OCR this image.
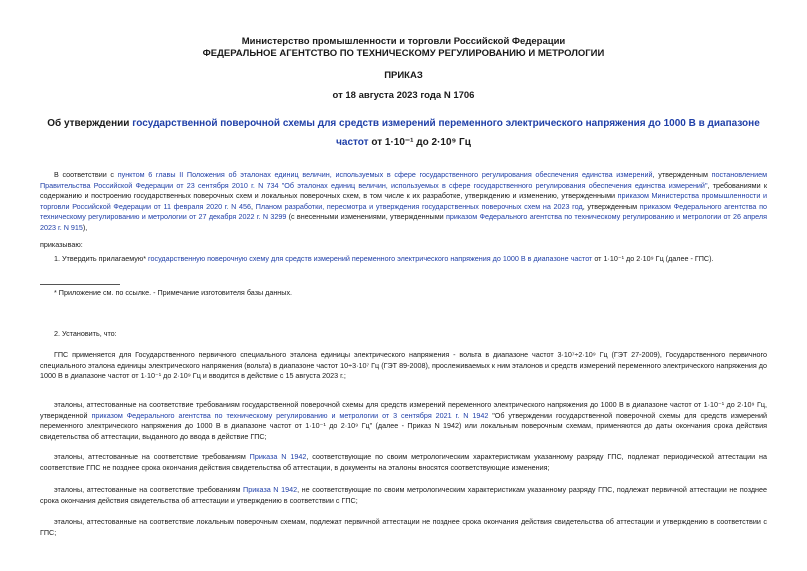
Министерство промышленности и торговли Российской Федерации
ФЕДЕРАЛЬНОЕ АГЕНТСТВО ПО ТЕХНИЧЕСКОМУ РЕГУЛИРОВАНИЮ И МЕТРОЛОГИИ
ПРИКАЗ
от 18 августа 2023 года N 1706
Об утверждении государственной поверочной схемы для средств измерений переменного электрического напряжения до 1000 В в диапазоне частот от 1·10⁻¹ до 2·10⁹ Гц
В соответствии с пунктом 6 главы II Положения об эталонах единиц величин, используемых в сфере государственного регулирования обеспечения единства измерений, утвержденным постановлением Правительства Российской Федерации от 23 сентября 2010 г. N 734 "Об эталонах единиц величин, используемых в сфере государственного регулирования обеспечения единства измерений", требованиями к содержанию и построению государственных поверочных схем и локальных поверочных схем, в том числе к их разработке, утверждению и изменению, утвержденными приказом Министерства промышленности и торговли Российской Федерации от 11 февраля 2020 г. N 456, Планом разработки, пересмотра и утверждения государственных поверочных схем на 2023 год, утвержденным приказом Федерального агентства по техническому регулированию и метрологии от 27 декабря 2022 г. N 3299 (с внесенными изменениями, утвержденными приказом Федерального агентства по техническому регулированию и метрологии от 26 апреля 2023 г. N 915),
приказываю:
1. Утвердить прилагаемую* государственную поверочную схему для средств измерений переменного электрического напряжения до 1000 В в диапазоне частот от 1·10⁻¹ до 2·10⁹ Гц (далее - ГПС).
* Приложение см. по ссылке. - Примечание изготовителя базы данных.
2. Установить, что:
ГПС применяется для Государственного первичного специального эталона единицы электрического напряжения - вольта в диапазоне частот 3·10⁷÷2·10⁹ Гц (ГЭТ 27-2009), Государственного первичного специального эталона единицы электрического напряжения (вольта) в диапазоне частот 10÷3·10⁷ Гц (ГЭТ 89-2008), прослеживаемых к ним эталонов и средств измерений переменного электрического напряжения до 1000 В в диапазоне частот от 1·10⁻¹ до 2·10⁹ Гц и вводится в действие с 15 августа 2023 г.;
эталоны, аттестованные на соответствие требованиям государственной поверочной схемы для средств измерений переменного электрического напряжения до 1000 В в диапазоне частот от 1·10⁻¹ до 2·10⁹ Гц, утвержденной приказом Федерального агентства по техническому регулированию и метрологии от 3 сентября 2021 г. N 1942 "Об утверждении государственной поверочной схемы для средств измерений переменного электрического напряжения до 1000 В в диапазоне частот от 1·10⁻¹ до 2·10⁹ Гц" (далее - Приказ N 1942) или локальным поверочным схемам, применяются до даты окончания срока действия свидетельства об аттестации, выданного до ввода в действие ГПС;
эталоны, аттестованные на соответствие требованиям Приказа N 1942, соответствующие по своим метрологическим характеристикам указанному разряду ГПС, подлежат периодической аттестации на соответствие ГПС не позднее срока окончания действия свидетельства об аттестации, в документы на эталоны вносятся соответствующие изменения;
эталоны, аттестованные на соответствие требованиям Приказа N 1942, не соответствующие по своим метрологическим характеристикам указанному разряду ГПС, подлежат первичной аттестации не позднее срока окончания действия свидетельства об аттестации и утверждению в соответствии с ГПС;
эталоны, аттестованные на соответствие локальным поверочным схемам, подлежат первичной аттестации не позднее срока окончания действия свидетельства об аттестации и утверждению в соответствии с ГПС;
